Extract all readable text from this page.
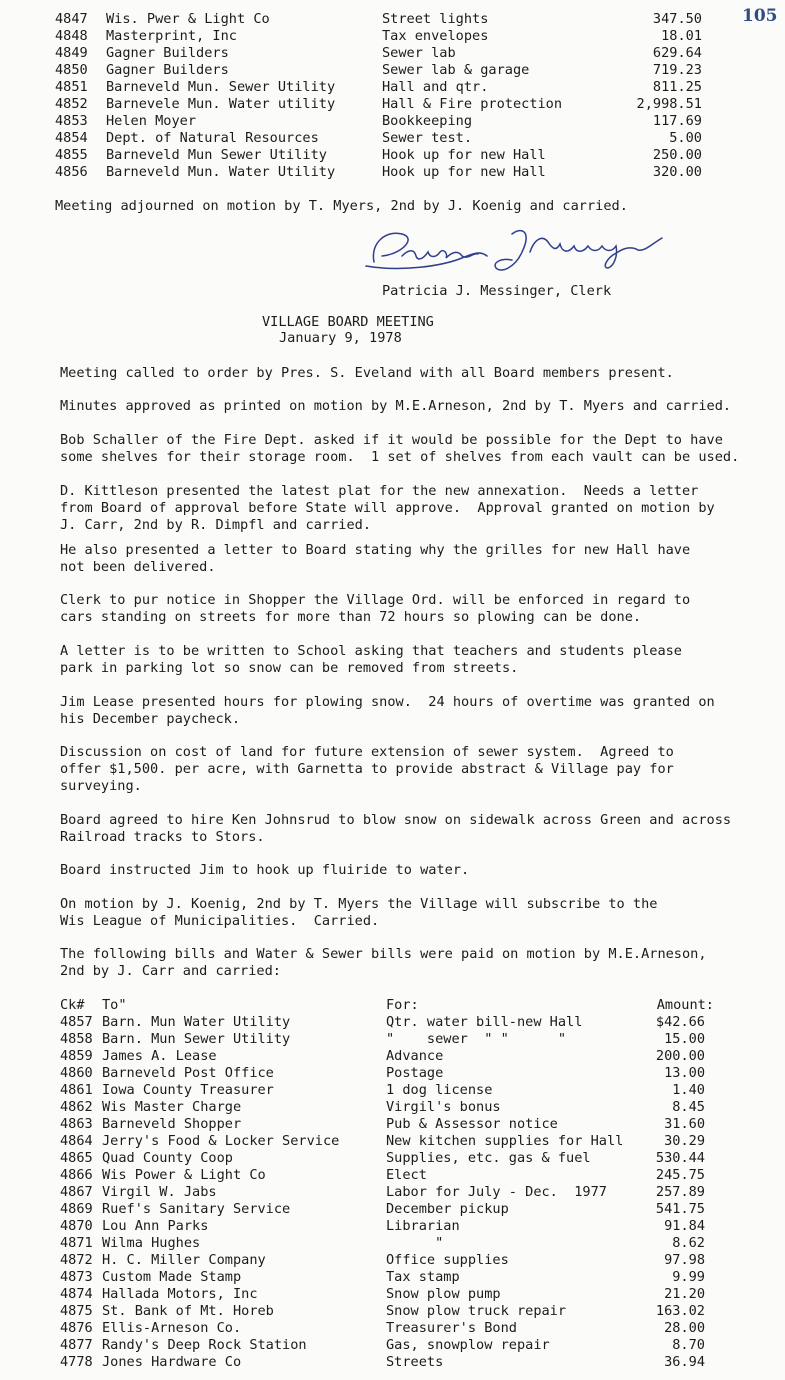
105
4847 Wis. Pwer & Light Co	Street lights	347.50
4848 Masterprint, Inc	Tax envelopes	18.01
4849 Gagner Builders	Sewer lab	629.64
4850 Gagner Builders	Sewer lab & garage	719.23
4851 Barneveld Mun. Sewer Utility	Hall and qtr.	811.25
4852 Barnevele Mun. Water utility	Hall & Fire protection	2,998.51
4853 Helen Moyer	Bookkeeping	117.69
4854 Dept. of Natural Resources	Sewer test.	5.00
4855 Barneveld Mun Sewer Utility	Hook up for new Hall	250.00
4856 Barneveld Mun. Water Utility	Hook up for new Hall	320.00
Meeting adjourned on motion by T. Myers, 2nd by J. Koenig and carried.
Patricia J. Messinger, Clerk
VILLAGE BOARD MEETING
January 9, 1978
Meeting called to order by Pres. S. Eveland with all Board members present.
Minutes approved as printed on motion by M.E.Arneson, 2nd by T. Myers and carried.
Bob Schaller of the Fire Dept. asked if it would be possible for the Dept to have
some shelves for their storage room.  1 set of shelves from each vault can be used.
D. Kittleson presented the latest plat for the new annexation.  Needs a letter
from Board of approval before State will approve.  Approval granted on motion by
J. Carr, 2nd by R. Dimpfl and carried.
He also presented a letter to Board stating why the grilles for new Hall have
not been delivered.
Clerk to pur notice in Shopper the Village Ord. will be enforced in regard to
cars standing on streets for more than 72 hours so plowing can be done.
A letter is to be written to School asking that teachers and students please
park in parking lot so snow can be removed from streets.
Jim Lease presented hours for plowing snow.  24 hours of overtime was granted on
his December paycheck.
Discussion on cost of land for future extension of sewer system.  Agreed to
offer $1,500. per acre, with Garnetta to provide abstract & Village pay for
surveying.
Board agreed to hire Ken Johnsrud to blow snow on sidewalk across Green and across
Railroad tracks to Stors.
Board instructed Jim to hook up fluiride to water.
On motion by J. Koenig, 2nd by T. Myers the Village will subscribe to the
Wis League of Municipalities.  Carried.
The following bills and Water & Sewer bills were paid on motion by M.E.Arneson,
2nd by J. Carr and carried:
Ck# To"	For:	Amount:
4857 Barn. Mun Water Utility	Qtr. water bill-new Hall	$42.66
4858 Barn. Mun Sewer Utility	"    sewer  " "      "	15.00
4859 James A. Lease	Advance	200.00
4860 Barneveld Post Office	Postage	13.00
4861 Iowa County Treasurer	1 dog license	1.40
4862 Wis Master Charge	Virgil's bonus	8.45
4863 Barneveld Shopper	Pub & Assessor notice	31.60
4864 Jerry's Food & Locker Service	New kitchen supplies for Hall	30.29
4865 Quad County Coop	Supplies, etc. gas & fuel	530.44
4866 Wis Power & Light Co	Elect	245.75
4867 Virgil W. Jabs	Labor for July - Dec.  1977	257.89
4869 Ruef's Sanitary Service	December pickup	541.75
4870 Lou Ann Parks	Librarian	91.84
4871 Wilma Hughes	"	8.62
4872 H. C. Miller Company	Office supplies	97.98
4873 Custom Made Stamp	Tax stamp	9.99
4874 Hallada Motors, Inc	Snow plow pump	21.20
4875 St. Bank of Mt. Horeb	Snow plow truck repair	163.02
4876 Ellis-Arneson Co.	Treasurer's Bond	28.00
4877 Randy's Deep Rock Station	Gas, snowplow repair	8.70
4778 Jones Hardware Co	Streets	36.94
